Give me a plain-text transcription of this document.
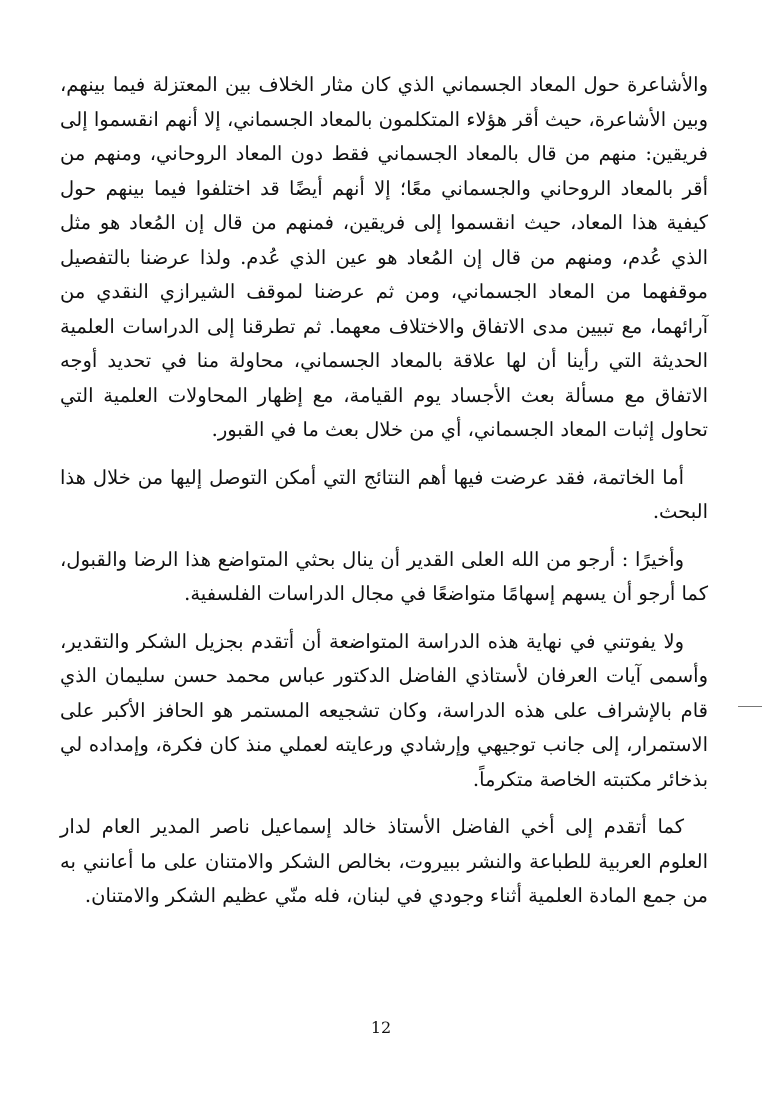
والأشاعرة حول المعاد الجسماني الذي كان مثار الخلاف بين المعتزلة فيما بينهم، وبين الأشاعرة، حيث أقر هؤلاء المتكلمون بالمعاد الجسماني، إلا أنهم انقسموا إلى فريقين: منهم من قال بالمعاد الجسماني فقط دون المعاد الروحاني، ومنهم من أقر بالمعاد الروحاني والجسماني معًا؛ إلا أنهم أيضًا قد اختلفوا فيما بينهم حول كيفية هذا المعاد، حيث انقسموا إلى فريقين، فمنهم من قال إن المُعاد هو مثل الذي عُدم، ومنهم من قال إن المُعاد هو عين الذي عُدم. ولذا عرضنا بالتفصيل موقفهما من المعاد الجسماني، ومن ثم عرضنا لموقف الشيرازي النقدي من آرائهما، مع تبيين مدى الاتفاق والاختلاف معهما. ثم تطرقنا إلى الدراسات العلمية الحديثة التي رأينا أن لها علاقة بالمعاد الجسماني، محاولة منا في تحديد أوجه الاتفاق مع مسألة بعث الأجساد يوم القيامة، مع إظهار المحاولات العلمية التي تحاول إثبات المعاد الجسماني، أي من خلال بعث ما في القبور.

أما الخاتمة، فقد عرضت فيها أهم النتائج التي أمكن التوصل إليها من خلال هذا البحث.

وأخيرًا : أرجو من الله العلى القدير أن ينال بحثي المتواضع هذا الرضا والقبول، كما أرجو أن يسهم إسهامًا متواضعًا في مجال الدراسات الفلسفية.

ولا يفوتني في نهاية هذه الدراسة المتواضعة أن أتقدم بجزيل الشكر والتقدير، وأسمى آيات العرفان لأستاذي الفاضل الدكتور عباس محمد حسن سليمان الذي قام بالإشراف على هذه الدراسة، وكان تشجيعه المستمر هو الحافز الأكبر على الاستمرار، إلى جانب توجيهي وإرشادي ورعايته لعملي منذ كان فكرة، وإمداده لي بذخائر مكتبته الخاصة متكرماً.

كما أتقدم إلى أخي الفاضل الأستاذ خالد إسماعيل ناصر المدير العام لدار العلوم العربية للطباعة والنشر ببيروت، بخالص الشكر والامتنان على ما أعانني به من جمع المادة العلمية أثناء وجودي في لبنان، فله منّي عظيم الشكر والامتنان.

12
